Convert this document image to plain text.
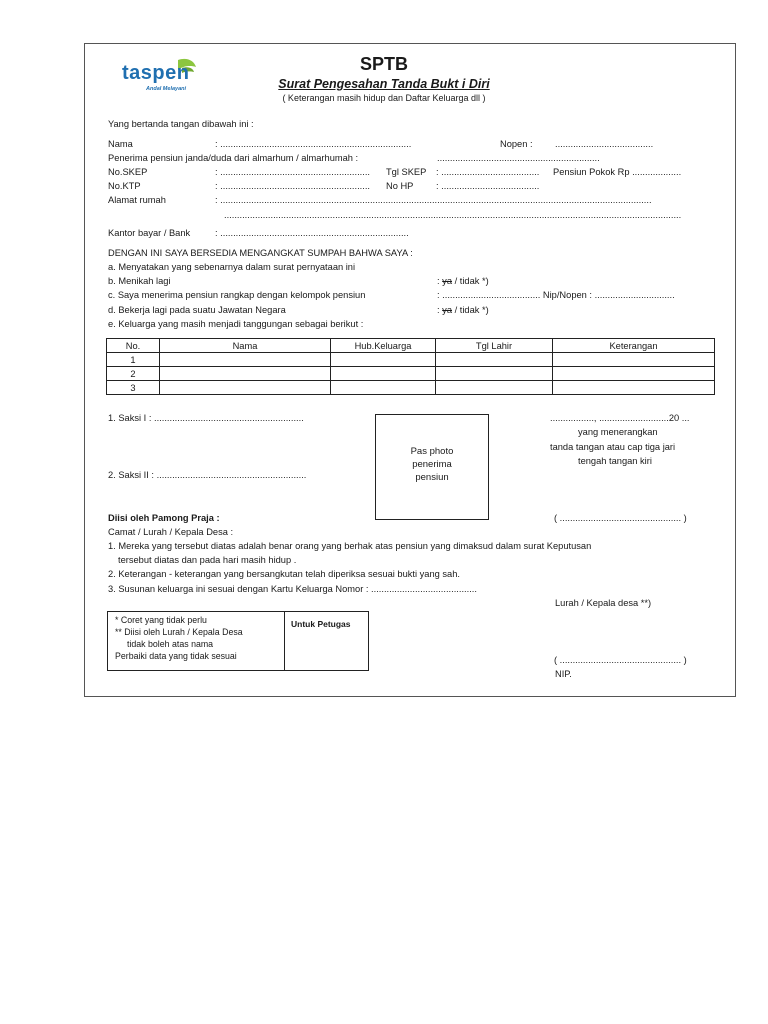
taspen
Andal Melayani
SPTB
Surat Pengesahan Tanda Bukt i Diri
( Keterangan masih hidup dan Daftar Keluarga dll )
Yang bertanda tangan dibawah ini :
Nama	: ..........................................................................	Nopen : ......................................
Penerima pensiun janda/duda dari almarhum / almarhumah :	...............................................................
No.SKEP	: .......................................................... Tgl SKEP : ...................................... Pensiun Pokok Rp ...................
No.KTP	: .......................................................... No HP : ......................................
Alamat rumah	: .......................................................................................................................................................................
.................................................................................................................................................................................
Kantor bayar / Bank	: .........................................................................
DENGAN INI SAYA BERSEDIA MENGANGKAT SUMPAH BAHWA SAYA :
a. Menyatakan yang sebenarnya dalam surat pernyataan ini
b. Menikah lagi	: ya / tidak *)
c. Saya menerima pensiun rangkap dengan kelompok pensiun	: ...................................... Nip/Nopen : ...............................
d. Bekerja lagi pada suatu Jawatan Negara	: ya / tidak *)
e. Keluarga yang masih menjadi tanggungan sebagai berikut :
No.	Nama	Hub.Keluarga	Tgl Lahir	Keterangan
1				
2				
3				
1. Saksi I : ..........................................................
2. Saksi II : ..........................................................
Pas photo
penerima
pensiun
................., ...........................20 ...
yang menerangkan
tanda tangan atau cap tiga jari
tengah tangan kiri
( ............................................... )
Diisi oleh Pamong Praja :
Camat / Lurah / Kepala Desa :
1. Mereka yang tersebut diatas adalah benar orang yang berhak atas pensiun yang dimaksud dalam surat Keputusan
tersebut diatas dan pada hari masih hidup .
2. Keterangan - keterangan yang bersangkutan telah diperiksa sesuai bukti yang sah.
3. Susunan keluarga ini sesuai dengan Kartu Keluarga Nomor : .........................................
Lurah / Kepala desa **)
( ............................................... )
NIP.
* Coret yang tidak perlu
** Diisi oleh Lurah / Kepala Desa
tidak boleh atas nama
Perbaiki data yang tidak sesuai
Untuk Petugas
